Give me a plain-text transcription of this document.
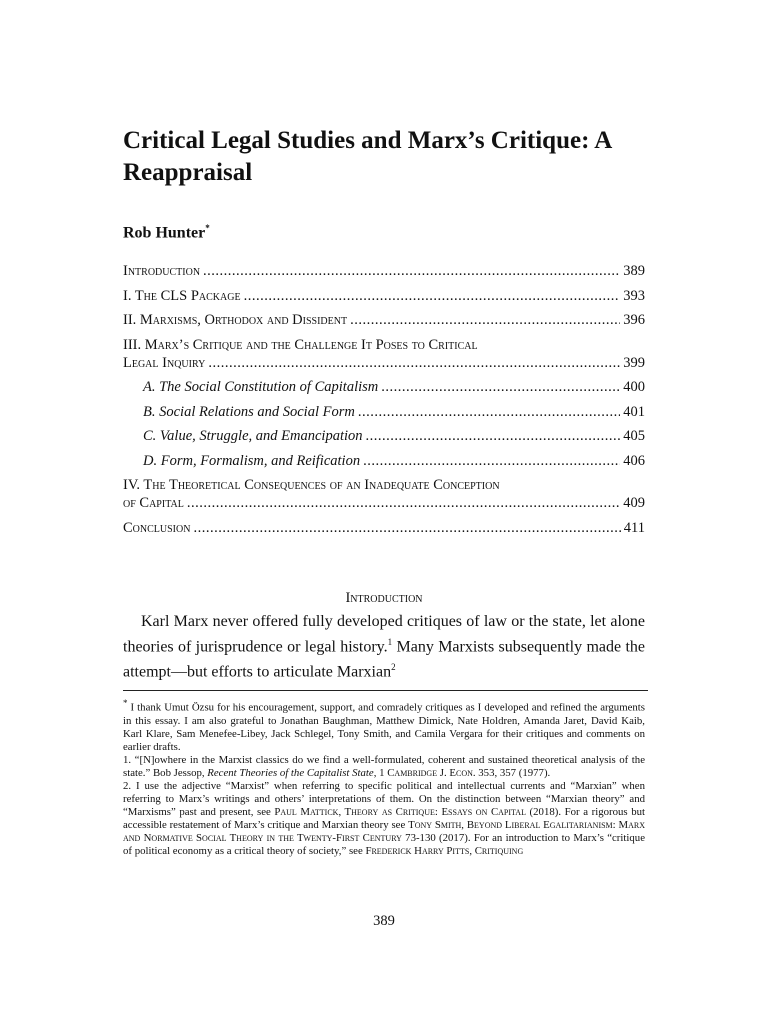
Critical Legal Studies and Marx’s Critique: A Reappraisal
Rob Hunter*
Introduction .....	389
I. The CLS Package .....	393
II. Marxisms, Orthodox and Dissident .....	396
III. Marx’s Critique and the Challenge It Poses to Critical
Legal Inquiry .....	399
A. The Social Constitution of Capitalism .....	400
B. Social Relations and Social Form .....	401
C. Value, Struggle, and Emancipation .....	405
D. Form, Formalism, and Reification .....	406
IV. The Theoretical Consequences of an Inadequate Conception
of Capital .....	409
Conclusion .....	411
Introduction

Karl Marx never offered fully developed critiques of law or the state, let alone theories of jurisprudence or legal history.$^1$ Many Marxists subsequently made the attempt—but efforts to articulate Marxian$^2$

* I thank Umut Özsu for his encouragement, support, and comradely critiques as I developed and refined the arguments in this essay. I am also grateful to Jonathan Baughman, Matthew Dimick, Nate Holdren, Amanda Jaret, David Kaib, Karl Klare, Sam Menefee-Libey, Jack Schlegel, Tony Smith, and Camila Vergara for their critiques and comments on earlier drafts.

1. “[N]owhere in the Marxist classics do we find a well-formulated, coherent and sustained theoretical analysis of the state.” Bob Jessop, Recent Theories of the Capitalist State, 1 Cambridge J. Econ. 353, 357 (1977).

2. I use the adjective “Marxist” when referring to specific political and intellectual currents and “Marxian” when referring to Marx’s writings and others’ interpretations of them. On the distinction between “Marxian theory” and “Marxisms” past and present, see Paul Mattick, Theory as Critique: Essays on Capital (2018). For a rigorous but accessible restatement of Marx’s critique and Marxian theory see Tony Smith, Beyond Liberal Egalitarianism: Marx and Normative Social Theory in the Twenty-First Century 73-130 (2017). For an introduction to Marx’s “critique of political economy as a critical theory of society,” see Frederick Harry Pitts, Critiquing

389
